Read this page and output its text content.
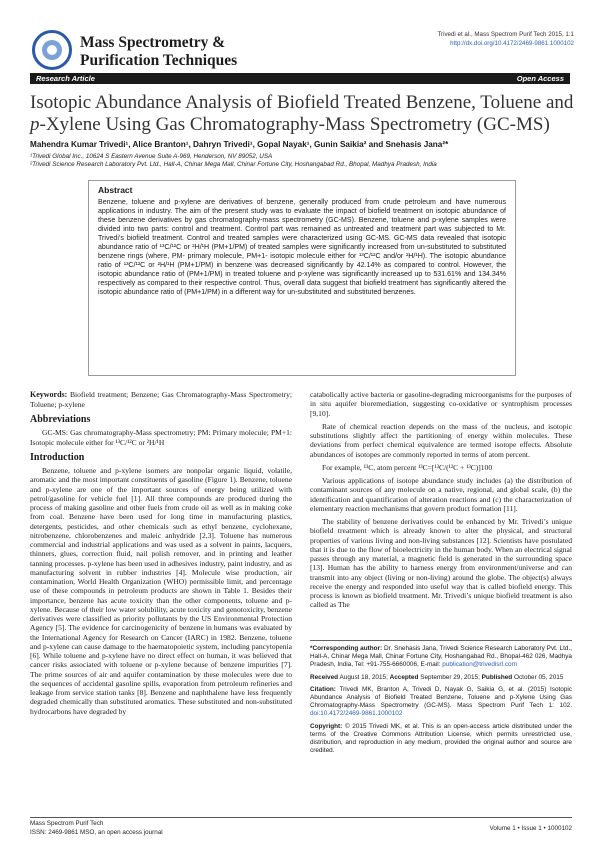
Mass Spectrometry &
Purification Techniques
Trivedi et al., Mass Spectrom Purif Tech 2015, 1:1
http://dx.doi.org/10.4172/2469-9861.1000102
Research Article	Open Access
Isotopic Abundance Analysis of Biofield Treated Benzene, Toluene and
p-Xylene Using Gas Chromatography-Mass Spectrometry (GC-MS)
Mahendra Kumar Trivedi¹, Alice Branton¹, Dahryn Trivedi¹, Gopal Nayak¹, Gunin Saikia² and Snehasis Jana²*
¹Trivedi Global Inc., 10624 S Eastern Avenue Suite A-969, Henderson, NV 89052, USA
²Trivedi Science Research Laboratory Pvt. Ltd., Hall-A, Chinar Mega Mall, Chinar Fortune City, Hoshangabad Rd., Bhopal, Madhya Pradesh, India
Abstract
Benzene, toluene and p-xylene are derivatives of benzene, generally produced from crude petroleum and have numerous applications in industry. The aim of the present study was to evaluate the impact of biofield treatment on isotopic abundance of these benzene derivatives by gas chromatography-mass spectrometry (GC-MS). Benzene, toluene and p-xylene samples were divided into two parts: control and treatment. Control part was remained as untreated and treatment part was subjected to Mr. Trivedi’s biofield treatment. Control and treated samples were characterized using GC-MS. GC-MS data revealed that isotopic abundance ratio of ¹³C/¹²C or ²H/¹H (PM+1/PM) of treated samples were significantly increased from un-substituted to substituted benzene rings (where, PM- primary molecule, PM+1- isotopic molecule either for ¹³C/¹²C and/or ²H/¹H). The isotopic abundance ratio of ¹³C/¹²C or ²H/¹H (PM+1/PM) in benzene was decreased significantly by 42.14% as compared to control. However, the isotopic abundance ratio of (PM+1/PM) in treated toluene and p-xylene was significantly increased up to 531.61% and 134.34% respectively as compared to their respective control. Thus, overall data suggest that biofield treatment has significantly altered the isotopic abundance ratio of (PM+1/PM) in a different way for un-substituted and substituted benzenes.

Keywords: Biofield treatment; Benzene; Gas Chromatography-Mass Spectrometry; Toluene; p-xylene

Abbreviations

GC-MS: Gas chromatography-Mass spectrometry; PM: Primary molecule; PM+1: Isotopic molecule either for ¹³C/¹²C or ²H/¹H

Introduction

Benzene, toluene and p-xylene isomers are nonpolar organic liquid, volatile, aromatic and the most important constituents of gasoline (Figure 1). Benzene, toluene and p-xylene are one of the important sources of energy being utilized with petrol/gasoline for vehicle fuel [1]. All three compounds are produced during the process of making gasoline and other fuels from crude oil as well as in making coke from coal. Benzene have been used for long time in manufacturing plastics, detergents, pesticides, and other chemicals such as ethyl benzene, cyclohexane, nitrobenzene, chlorobenzenes and maleic anhydride [2,3]. Toluene has numerous commercial and industrial applications and was used as a solvent in paints, lacquers, thinners, glues, correction fluid, nail polish remover, and in printing and leather tanning processes. p-xylene has been used in adhesives industry, paint industry, and as manufacturing solvent in rubber industries [4]. Molecule wise production, air contamination, World Health Organization (WHO) permissible limit, and percentage use of these compounds in petroleum products are shown in Table 1. Besides their importance, benzene has acute toxicity than the other components, toluene and p-xylene. Because of their low water solubility, acute toxicity and genotoxicity, benzene derivatives were classified as priority pollutants by the US Environmental Protection Agency [5]. The evidence for carcinogenicity of benzene in humans was evaluated by the International Agency for Research on Cancer (IARC) in 1982. Benzene, toluene and p-xylene can cause damage to the haematopoietic system, including pancytopenia [6]. While toluene and p-xylene have no direct effect on human, it was believed that cancer risks associated with toluene or p-xylene because of benzene impurities [7]. The prime sources of air and aquifer contamination by these molecules were due to the sequences of accidental gasoline spills, evaporation from petroleum refineries and leakage from service station tanks [8]. Benzene and naphthalene have less frequently degraded chemically than substituted aromatics. These substituted and non-substituted hydrocarbons have degraded by

catabolically active bacteria or gasoline-degrading microorganisms for the purposes of in situ aquifer bioremediation, suggesting co-oxidative or syntrophism processes [9,10].

Rate of chemical reaction depends on the mass of the nucleus, and isotopic substitutions slightly affect the partitioning of energy within molecules. These deviations from perfect chemical equivalence are termed isotope effects. Absolute abundances of isotopes are commonly reported in terms of atom percent.

For example, ¹³C, atom percent ¹³C=[¹³C/(¹²C + ¹³C)]100

Various applications of isotope abundance study includes (a) the distribution of contaminant sources of any molecule on a native, regional, and global scale, (b) the identification and quantification of alteration reactions and (c) the characterization of elementary reaction mechanisms that govern product formation [11].

The stability of benzene derivatives could be enhanced by Mr. Trivedi’s unique biofield treatment which is already known to alter the physical, and structural properties of various living and non-living substances [12]. Scientists have postulated that it is due to the flow of bioelectricity in the human body. When an electrical signal passes through any material, a magnetic field is generated in the surrounding space [13]. Human has the ability to harness energy from environment/universe and can transmit into any object (living or non-living) around the globe. The object(s) always receive the energy and responded into useful way that is called biofield energy. This process is known as biofield treatment. Mr. Trivedi’s unique biofield treatment is also called as The

*Corresponding author: Dr. Snehasis Jana, Trivedi Science Research Laboratory Pvt. Ltd., Hall-A, Chinar Mega Mall, Chinar Fortune City, Hoshangabad Rd., Bhopal-462 026, Madhya Pradesh, India, Tel: +91-755-6660006, E-mail: publication@trivedisrl.com

Received August 18, 2015; Accepted September 29, 2015; Published October 05, 2015

Citation: Trivedi MK, Branton A, Trivedi D, Nayak G, Saikia G, et al. (2015) Isotopic Abundance Analysis of Biofield Treated Benzene, Toluene and p-Xylene Using Gas Chromatography-Mass Spectrometry (GC-MS). Mass Spectrom Purif Tech 1: 102. doi:10.4172/2469-9861.1000102

Copyright: © 2015 Trivedi MK, et al. This is an open-access article distributed under the terms of the Creative Commons Attribution License, which permits unrestricted use, distribution, and reproduction in any medium, provided the original author and source are credited.

Mass Spectrom Purif Tech
ISSN: 2469-9861 MSO, an open access journal	Volume 1 • Issue 1 • 1000102
